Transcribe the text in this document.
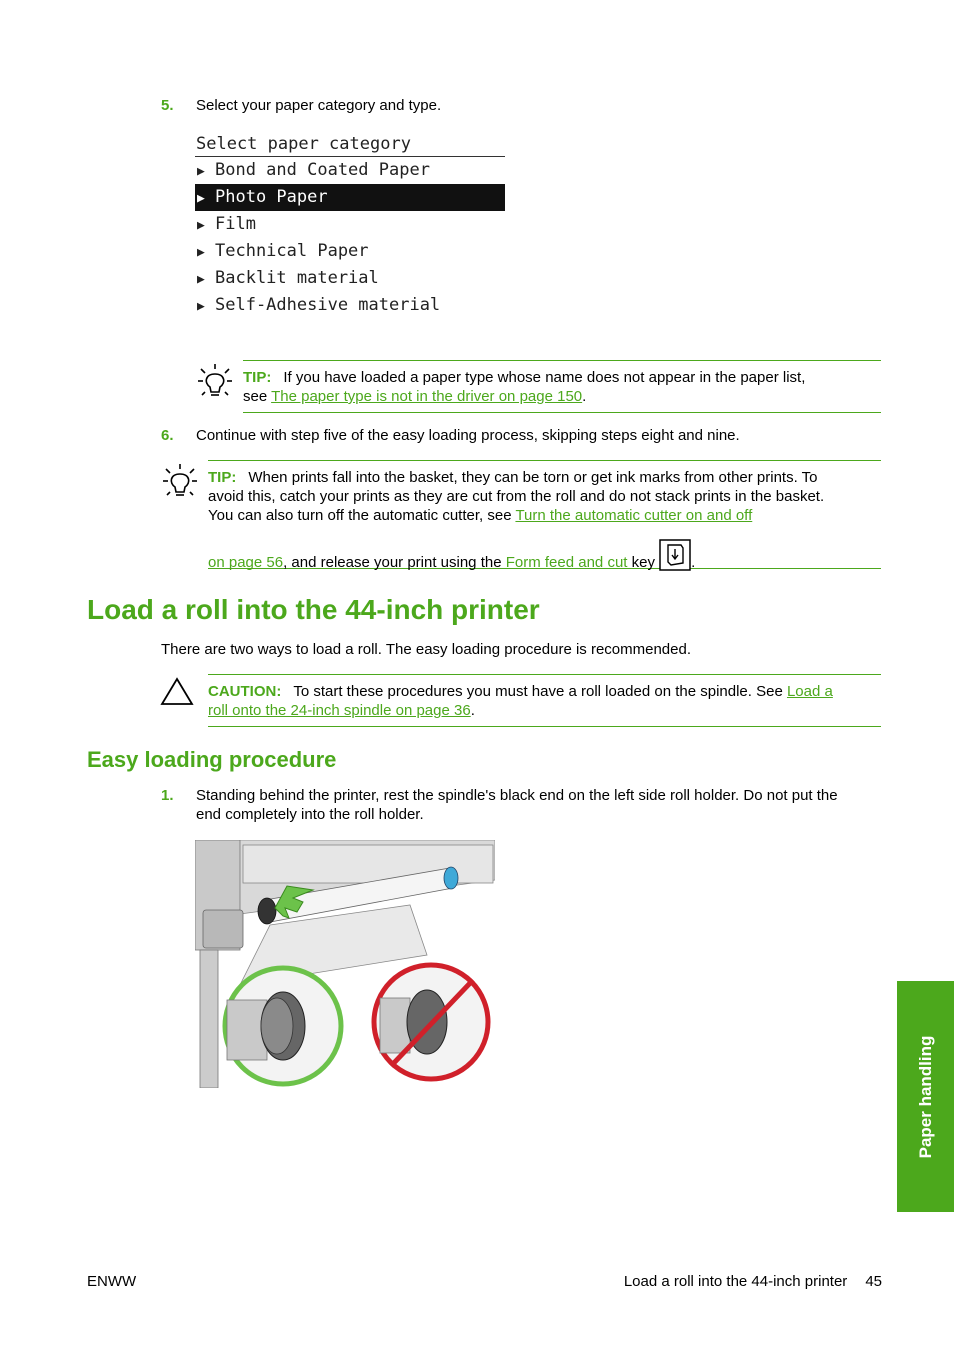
5.	Select your paper category and type.
Select paper category
▶ Bond and Coated Paper
▶ Photo Paper
▶ Film
▶ Technical Paper
▶ Backlit material
▶ Self-Adhesive material
TIP: If you have loaded a paper type whose name does not appear in the paper list,
see The paper type is not in the driver on page 150.
6.	Continue with step five of the easy loading process, skipping steps eight and nine.
TIP: When prints fall into the basket, they can be torn or get ink marks from other prints. To
avoid this, catch your prints as they are cut from the roll and do not stack prints in the basket.
You can also turn off the automatic cutter, see Turn the automatic cutter on and off
on page 56, and release your print using the Form feed and cut key .
Load a roll into the 44-inch printer
There are two ways to load a roll. The easy loading procedure is recommended.
CAUTION: To start these procedures you must have a roll loaded on the spindle. See Load a
roll onto the 24-inch spindle on page 36.
Easy loading procedure
1.	Standing behind the printer, rest the spindle's black end on the left side roll holder. Do not put the
end completely into the roll holder.
Paper handling
ENWW	Load a roll into the 44-inch printer 45
